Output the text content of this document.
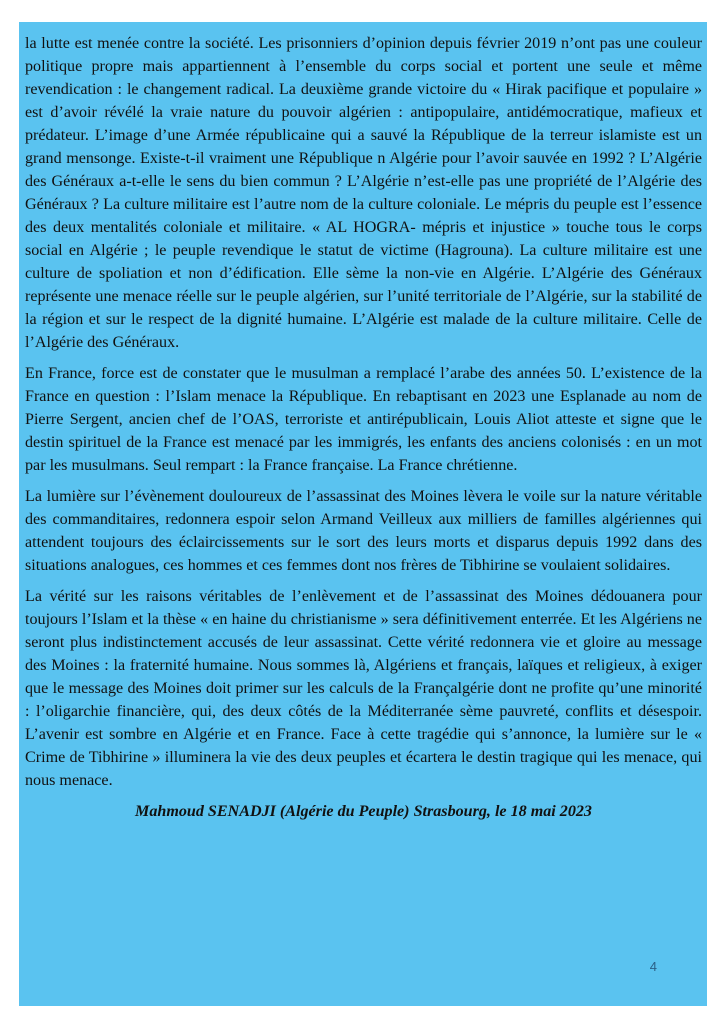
la lutte est menée contre la société. Les prisonniers d’opinion depuis février 2019 n’ont pas une couleur politique propre mais appartiennent à l’ensemble du corps social et portent une seule et même revendication : le changement radical. La deuxième grande victoire du « Hirak pacifique et populaire » est d’avoir révélé la vraie nature du pouvoir algérien : antipopulaire, antidémocratique, mafieux et prédateur. L’image d’une Armée républicaine qui a sauvé la République de la terreur islamiste est un grand mensonge. Existe-t-il vraiment une République n Algérie pour l’avoir sauvée en 1992 ? L’Algérie des Généraux a-t-elle le sens du bien commun ? L’Algérie n’est-elle pas une propriété de l’Algérie des Généraux ? La culture militaire est l’autre nom de la culture coloniale. Le mépris du peuple est l’essence des deux mentalités coloniale et militaire. « AL HOGRA- mépris et injustice » touche tous le corps social en Algérie ; le peuple revendique le statut de victime (Hagrouna). La culture militaire est une culture de spoliation et non d’édification. Elle sème la non-vie en Algérie. L’Algérie des Généraux représente une menace réelle sur le peuple algérien, sur l’unité territoriale de l’Algérie, sur la stabilité de la région et sur le respect de la dignité humaine. L’Algérie est malade de la culture militaire. Celle de l’Algérie des Généraux.

En France, force est de constater que le musulman a remplacé l’arabe des années 50. L’existence de la France en question : l’Islam menace la République. En rebaptisant en 2023 une Esplanade au nom de Pierre Sergent, ancien chef de l’OAS, terroriste et antirépublicain, Louis Aliot atteste et signe que le destin spirituel de la France est menacé par les immigrés, les enfants des anciens colonisés : en un mot par les musulmans. Seul rempart : la France française. La France chrétienne.

La lumière sur l’évènement douloureux de l’assassinat des Moines lèvera le voile sur la nature véritable des commanditaires, redonnera espoir selon Armand Veilleux aux milliers de familles algériennes qui attendent toujours des éclaircissements sur le sort des leurs morts et disparus depuis 1992 dans des situations analogues, ces hommes et ces femmes dont nos frères de Tibhirine se voulaient solidaires.

La vérité sur les raisons véritables de l’enlèvement et de l’assassinat des Moines dédouanera pour toujours l’Islam et la thèse « en haine du christianisme » sera définitivement enterrée. Et les Algériens ne seront plus indistinctement accusés de leur assassinat. Cette vérité redonnera vie et gloire au message des Moines : la fraternité humaine. Nous sommes là, Algériens et français, laïques et religieux, à exiger que le message des Moines doit primer sur les calculs de la Françalgérie dont ne profite qu’une minorité : l’oligarchie financière, qui, des deux côtés de la Méditerranée sème pauvreté, conflits et désespoir. L’avenir est sombre en Algérie et en France. Face à cette tragédie qui s’annonce, la lumière sur le « Crime de Tibhirine » illuminera la vie des deux peuples et écartera le destin tragique qui les menace, qui nous menace.

Mahmoud SENADJI (Algérie du Peuple) Strasbourg, le 18 mai 2023

4
